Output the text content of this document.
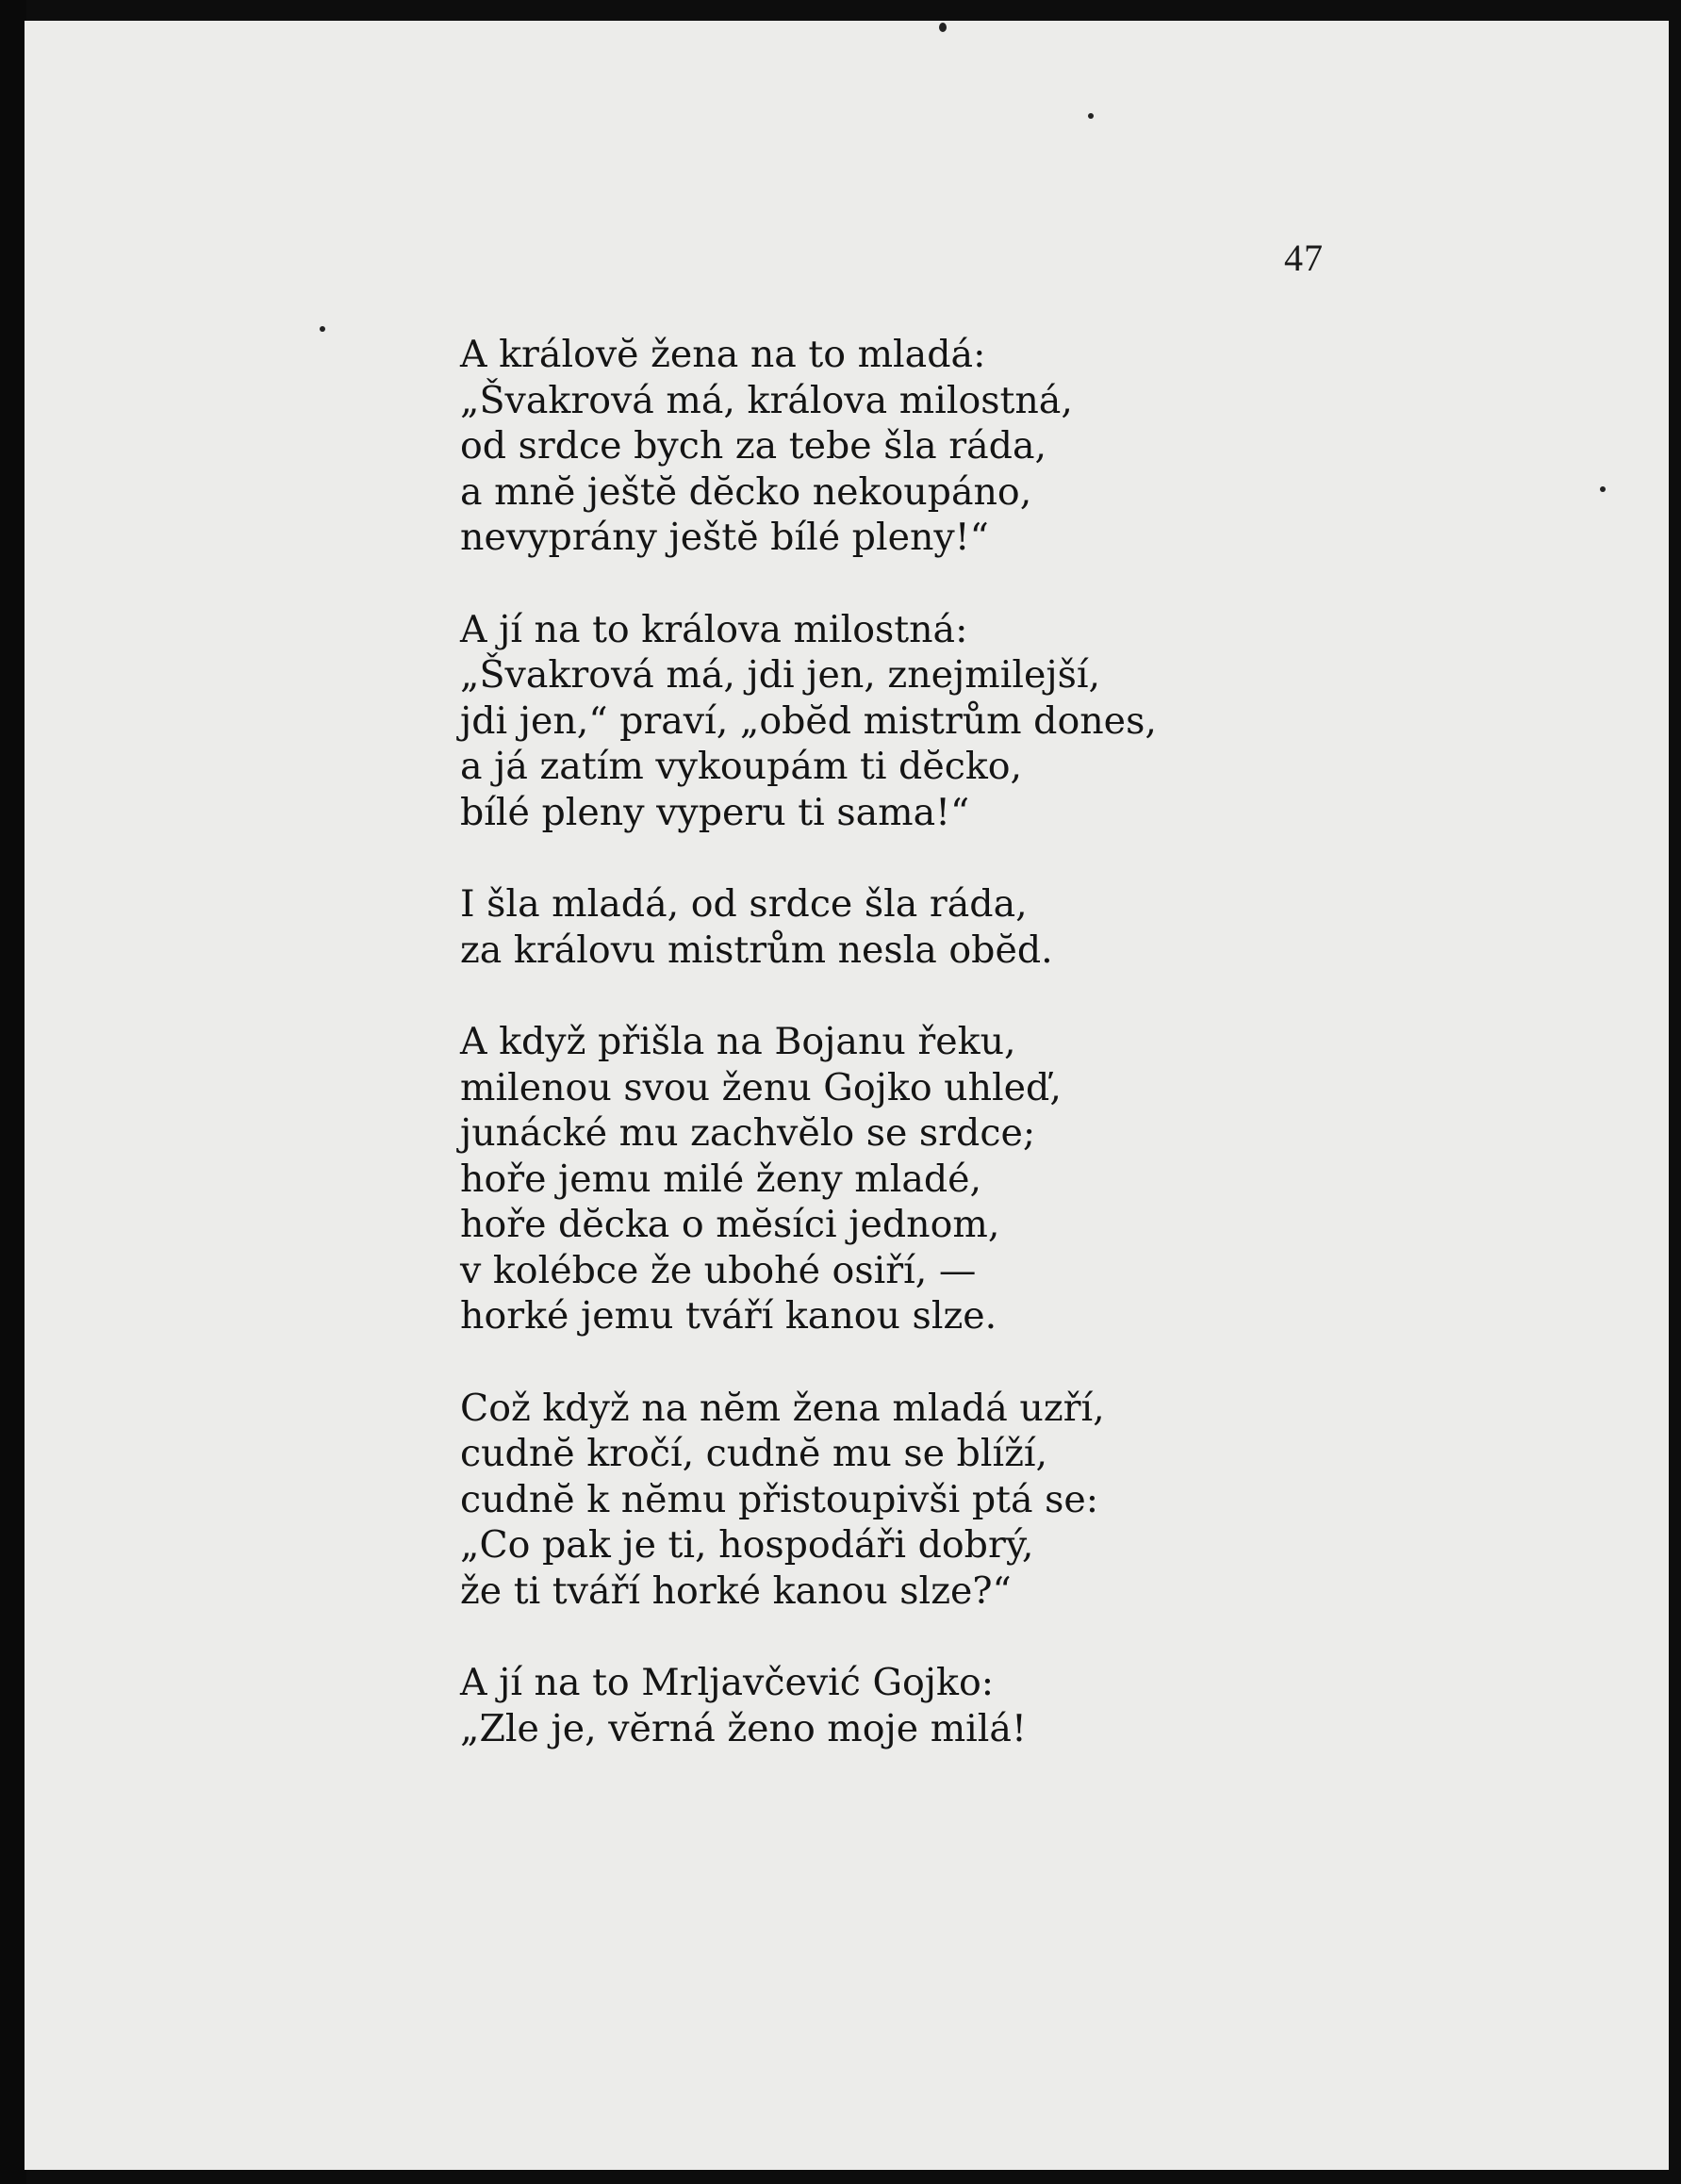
47
A královĕ žena na to mladá:
„Švakrová má, králova milostná,
od srdce bych za tebe šla ráda,
a mnĕ ještĕ dĕcko nekoupáno,
nevyprány ještĕ bílé pleny!“
A jí na to králova milostná:
„Švakrová má, jdi jen, znejmilejší,
jdi jen,“ praví, „obĕd mistrům dones,
a já zatím vykoupám ti dĕcko,
bílé pleny vyperu ti sama!“
I šla mladá, od srdce šla ráda,
za královu mistrům nesla obĕd.
A když přišla na Bojanu řeku,
milenou svou ženu Gojko uhleď,
junácké mu zachvĕlo se srdce;
hoře jemu milé ženy mladé,
hoře dĕcka o mĕsíci jednom,
v kolébce že ubohé osiří, —
horké jemu tváří kanou slze.
Což když na nĕm žena mladá uzří,
cudnĕ kročí, cudnĕ mu se blíží,
cudnĕ k nĕmu přistoupivši ptá se:
„Co pak je ti, hospodáři dobrý,
že ti tváří horké kanou slze?“
A jí na to Mrljavčević Gojko:
„Zle je, vĕrná ženo moje milá!
